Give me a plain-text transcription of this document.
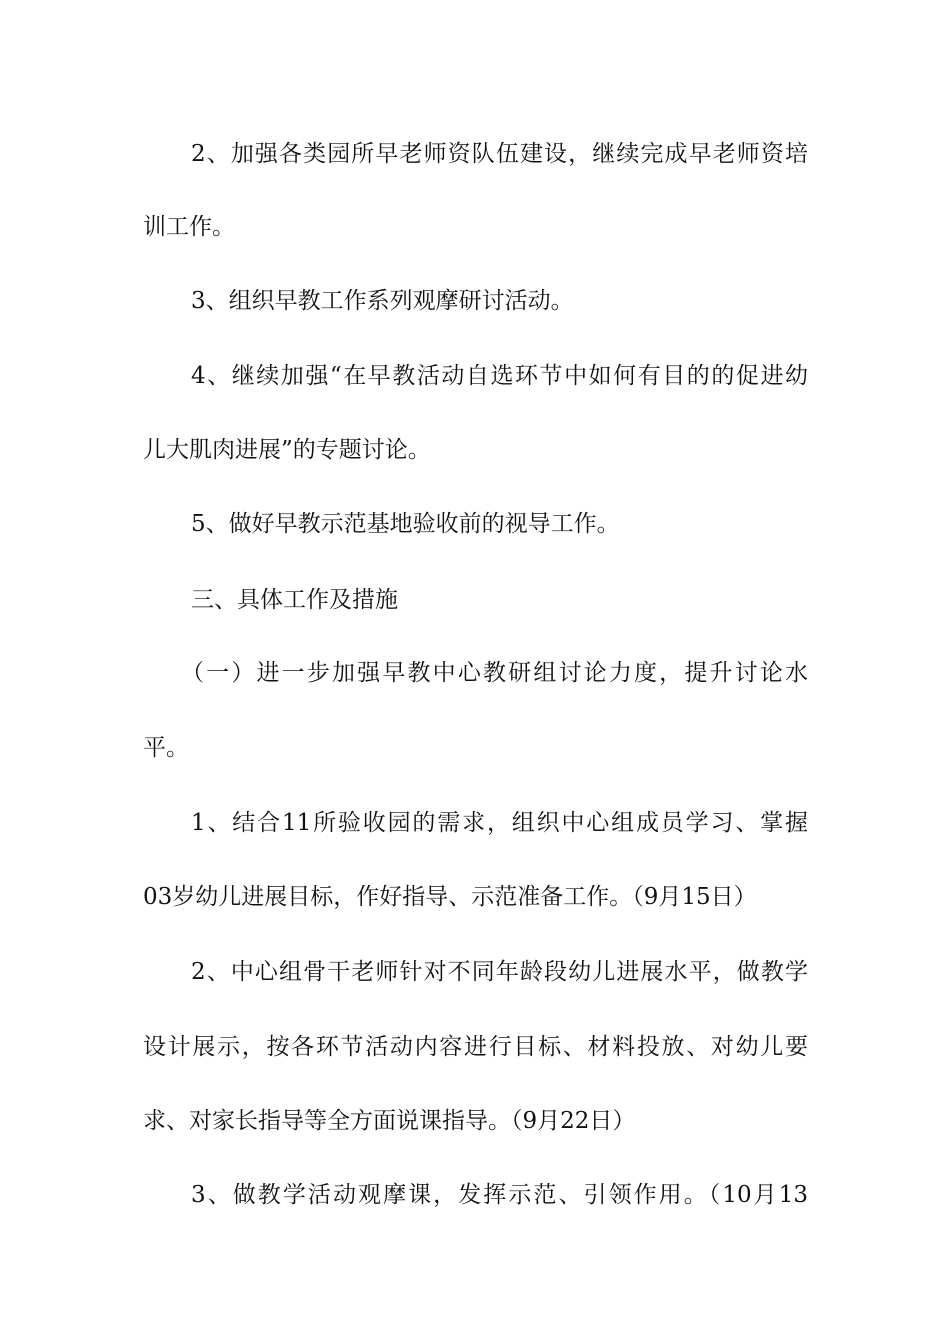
2、加强各类园所早老师资队伍建设，继续完成早老师资培
训工作。
3、组织早教工作系列观摩研讨活动。
4、继续加强“在早教活动自选环节中如何有目的的促进幼
儿大肌肉进展”的专题讨论。
5、做好早教示范基地验收前的视导工作。
三、具体工作及措施
（一）进一步加强早教中心教研组讨论力度，提升讨论水
平。
1、结合11所验收园的需求，组织中心组成员学习、掌握
03岁幼儿进展目标，作好指导、示范准备工作。（9月15日）
2、中心组骨干老师针对不同年龄段幼儿进展水平，做教学
设计展示，按各环节活动内容进行目标、材料投放、对幼儿要
求、对家长指导等全方面说课指导。（9月22日）
3、做教学活动观摩课，发挥示范、引领作用。（10月13
